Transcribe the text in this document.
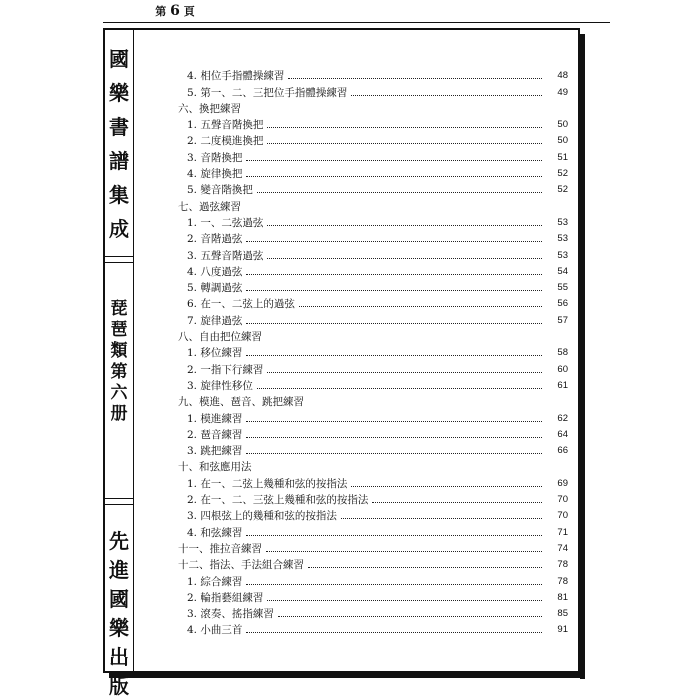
第 6 頁
國
樂
書
譜
集
成
琵
琶
類
第
六
册
先
進
國
樂
出
版
4. 相位手指體操練習	48
5. 第一、二、三把位手指體操練習	49
六、換把練習
1. 五聲音階換把	50
2. 二度模進換把	50
3. 音階換把	51
4. 旋律換把	52
5. 變音階換把	52
七、過弦練習
1. 一、二弦過弦	53
2. 音階過弦	53
3. 五聲音階過弦	53
4. 八度過弦	54
5. 轉調過弦	55
6. 在一、二弦上的過弦	56
7. 旋律過弦	57
八、自由把位練習
1. 移位練習	58
2. 一指下行練習	60
3. 旋律性移位	61
九、模進、琶音、跳把練習
1. 模進練習	62
2. 琶音練習	64
3. 跳把練習	66
十、和弦應用法
1. 在一、二弦上幾種和弦的按指法	69
2. 在一、二、三弦上幾種和弦的按指法	70
3. 四根弦上的幾種和弦的按指法	70
4. 和弦練習	71
十一、推拉音練習	74
十二、指法、手法組合練習	78
1. 綜合練習	78
2. 輪指藝組練習	81
3. 滾奏、搖指練習	85
4. 小曲三首	91
